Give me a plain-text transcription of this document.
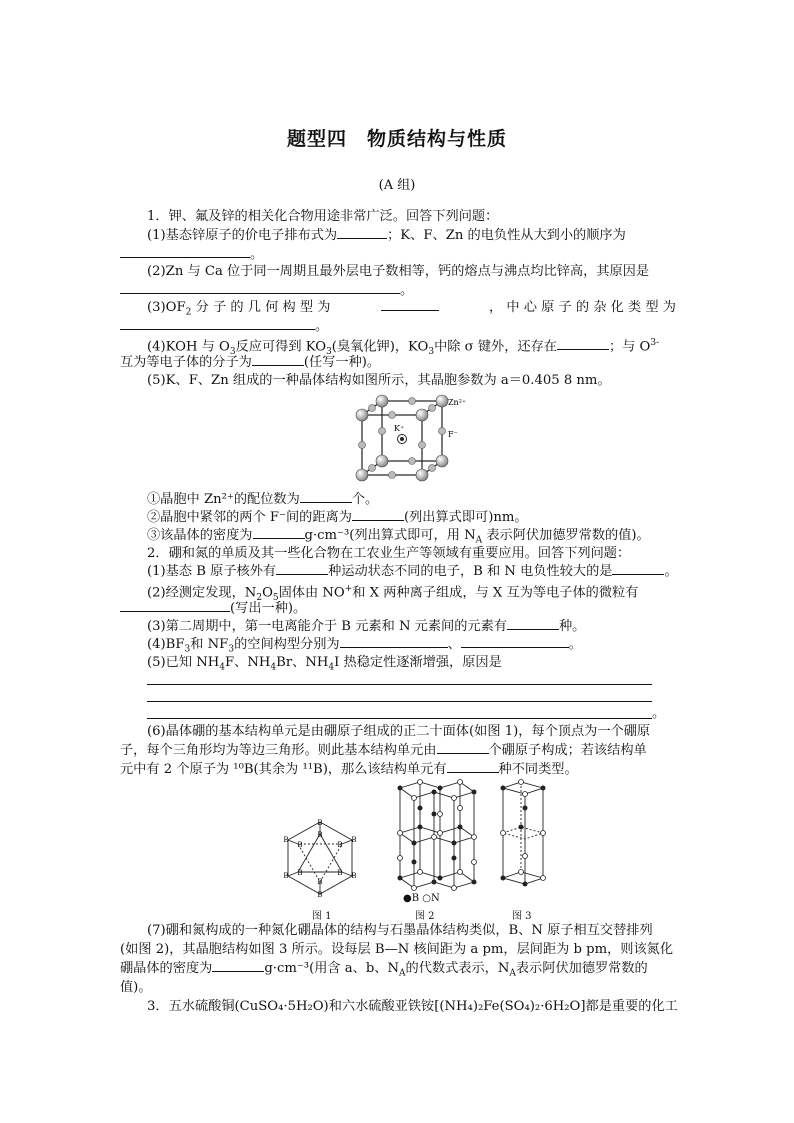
题型四　物质结构与性质
(A 组)
1．钾、氟及锌的相关化合物用途非常广泛。回答下列问题：
(1)基态锌原子的价电子排布式为	；K、F、Zn 的电负性从大到小的顺序为
。
(2)Zn 与 Ca 位于同一周期且最外层电子数相等，钙的熔点与沸点均比锌高，其原因是
。
$(3)OF_2$ 分 子 的 几 何 构 型 为	， 中 心 原 子 的 杂 化 类 型 为
。
(4)KOH 与 $O_3$反应可得到 $KO_3$(臭氧化钾)，$KO_3$中除 σ 键外，还存在	；与 $O^{3-}$
互为等电子体的分子为	(任写一种)。
(5)K、F、Zn 组成的一种晶体结构如图所示，其晶胞参数为 a＝0.405 8 nm。
K⁺
Zn²⁺
F⁻
①晶胞中 Zn²⁺的配位数为	个。
②晶胞中紧邻的两个 F⁻间的距离为	(列出算式即可)nm。
③该晶体的密度为	g·cm⁻³(列出算式即可，用 $N_A$ 表示阿伏加德罗常数的值)。
2．硼和氮的单质及其一些化合物在工农业生产等领域有重要应用。回答下列问题：
(1)基态 B 原子核外有	种运动状态不同的电子，B 和 N 电负性较大的是	。
(2)经测定发现，$N_2O_5$固体由 NO+和 X 两种离子组成，与 X 互为等电子体的微粒有
(写出一种)。
(3)第二周期中，第一电离能介于 B 元素和 N 元素间的元素有	种。
$(4)BF_3$和 $NF_3$的空间构型分别为	、	。
(5)已知 $NH_4F$、$NH_4Br$、$NH_4I$ 热稳定性逐渐增强，原因是
。
(6)晶体硼的基本结构单元是由硼原子组成的正二十面体(如图 1)，每个顶点为一个硼原
子，每个三角形均为等边三角形。则此基本结构单元由	个硼原子构成；若该结构单
元中有 2 个原子为 ¹⁰B(其余为 ¹¹B)，那么该结构单元有	种不同类型。
B
B
B
B
B	B
B
B B	B
B
B	●B ○N
图 1	图 2	图 3
(7)硼和氮构成的一种氮化硼晶体的结构与石墨晶体结构类似，B、N 原子相互交替排列
(如图 2)，其晶胞结构如图 3 所示。设每层 B—N 核间距为 a pm，层间距为 b pm，则该氮化
硼晶体的密度为	g·cm⁻³(用含 a、b、$N_A$的代数式表示，$N_A$表示阿伏加德罗常数的
值)。
3．五水硫酸铜(CuSO₄·5H₂O)和六水硫酸亚铁铵[(NH₄)₂Fe(SO₄)₂·6H₂O]都是重要的化工
